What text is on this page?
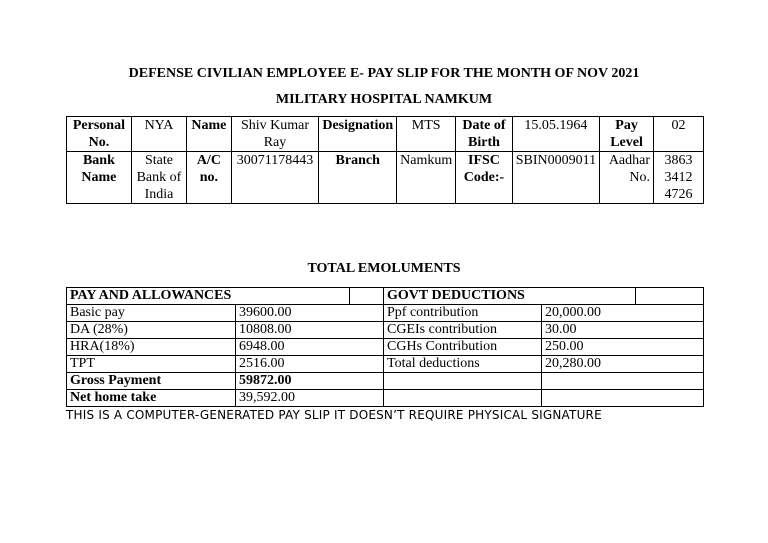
DEFENSE CIVILIAN EMPLOYEE E- PAY SLIP FOR THE MONTH OF NOV 2021
MILITARY HOSPITAL NAMKUM
Personal No.	NYA	Name	Shiv Kumar Ray	Designation	MTS	Date of Birth	15.05.1964	Pay Level	02
Bank Name	State Bank of India	A/C no.	30071178443	Branch	Namkum	IFSC Code:-	SBIN0009011	Aadhar No.	3863 3412 4726
TOTAL EMOLUMENTS
PAY AND ALLOWANCES			GOVT DEDUCTIONS		
Basic pay	39600.00		Ppf contribution	20,000.00	
DA (28%)	10808.00		CGEIs contribution	30.00	
HRA(18%)	6948.00		CGHs Contribution	250.00	
TPT	2516.00		Total deductions	20,280.00	
Gross Payment	59872.00				
Net home take	39,592.00				
THIS IS A COMPUTER-GENERATED PAY SLIP IT DOESN’T REQUIRE PHYSICAL SIGNATURE
